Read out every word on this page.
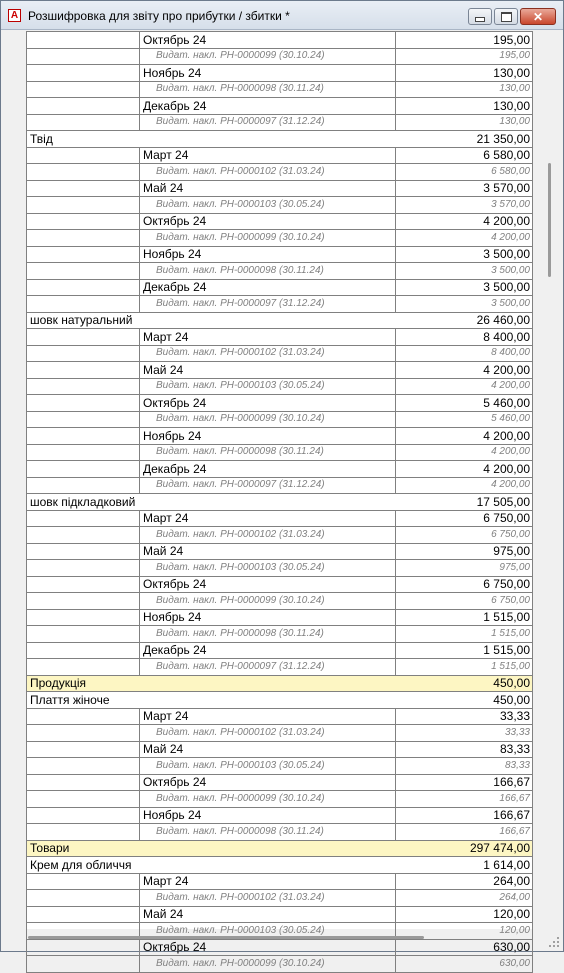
A Розшифровка для звіту про прибутки / збитки *	✕
	Октябрь 24	195,00
	Видат. накл. РН-0000099 (30.10.24)	195,00
	Ноябрь 24	130,00
	Видат. накл. РН-0000098 (30.11.24)	130,00
	Декабрь 24	130,00
	Видат. накл. РН-0000097 (31.12.24)	130,00
Твід		21 350,00
	Март 24	6 580,00
	Видат. накл. РН-0000102 (31.03.24)	6 580,00
	Май 24	3 570,00
	Видат. накл. РН-0000103 (30.05.24)	3 570,00
	Октябрь 24	4 200,00
	Видат. накл. РН-0000099 (30.10.24)	4 200,00
	Ноябрь 24	3 500,00
	Видат. накл. РН-0000098 (30.11.24)	3 500,00
	Декабрь 24	3 500,00
	Видат. накл. РН-0000097 (31.12.24)	3 500,00
шовк натуральний		26 460,00
	Март 24	8 400,00
	Видат. накл. РН-0000102 (31.03.24)	8 400,00
	Май 24	4 200,00
	Видат. накл. РН-0000103 (30.05.24)	4 200,00
	Октябрь 24	5 460,00
	Видат. накл. РН-0000099 (30.10.24)	5 460,00
	Ноябрь 24	4 200,00
	Видат. накл. РН-0000098 (30.11.24)	4 200,00
	Декабрь 24	4 200,00
	Видат. накл. РН-0000097 (31.12.24)	4 200,00
шовк підкладковий		17 505,00
	Март 24	6 750,00
	Видат. накл. РН-0000102 (31.03.24)	6 750,00
	Май 24	975,00
	Видат. накл. РН-0000103 (30.05.24)	975,00
	Октябрь 24	6 750,00
	Видат. накл. РН-0000099 (30.10.24)	6 750,00
	Ноябрь 24	1 515,00
	Видат. накл. РН-0000098 (30.11.24)	1 515,00
	Декабрь 24	1 515,00
	Видат. накл. РН-0000097 (31.12.24)	1 515,00
Продукція		450,00
Плаття жіноче		450,00
	Март 24	33,33
	Видат. накл. РН-0000102 (31.03.24)	33,33
	Май 24	83,33
	Видат. накл. РН-0000103 (30.05.24)	83,33
	Октябрь 24	166,67
	Видат. накл. РН-0000099 (30.10.24)	166,67
	Ноябрь 24	166,67
	Видат. накл. РН-0000098 (30.11.24)	166,67
Товари		297 474,00
Крем для обличчя		1 614,00
	Март 24	264,00
	Видат. накл. РН-0000102 (31.03.24)	264,00
	Май 24	120,00
	Видат. накл. РН-0000103 (30.05.24)	120,00
	Октябрь 24	630,00
	Видат. накл. РН-0000099 (30.10.24)	630,00
